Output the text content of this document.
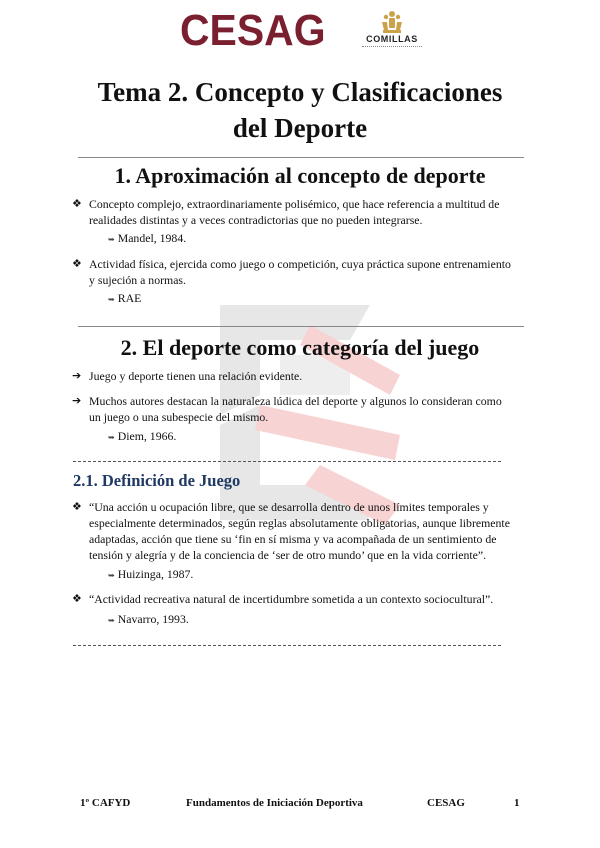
CESAG	COMILLAS
Tema 2. Concepto y Clasificaciones
del Deporte
1. Aproximación al concepto de deporte
❖ Concepto complejo, extraordinariamente polisémico, que hace referencia a multitud de
realidades distintas y a veces contradictorias que no pueden integrarse.
➥ Mandel, 1984.
❖ Actividad física, ejercida como juego o competición, cuya práctica supone entrenamiento
y sujeción a normas.
➥ RAE
2. El deporte como categoría del juego
➔ Juego y deporte tienen una relación evidente.
➔ Muchos autores destacan la naturaleza lúdica del deporte y algunos lo consideran como
un juego o una subespecie del mismo.
➥ Diem, 1966.
2.1. Definición de Juego
❖ “Una acción u ocupación libre, que se desarrolla dentro de unos límites temporales y
especialmente determinados, según reglas absolutamente obligatorias, aunque libremente
adaptadas, acción que tiene su ‘fin en sí misma y va acompañada de un sentimiento de
tensión y alegría y de la conciencia de ‘ser de otro mundo’ que en la vida corriente”.
➥ Huizinga, 1987.
❖ “Actividad recreativa natural de incertidumbre sometida a un contexto sociocultural”.
➥ Navarro, 1993.
1º CAFYD	Fundamentos de Iniciación Deportiva	CESAG	1
